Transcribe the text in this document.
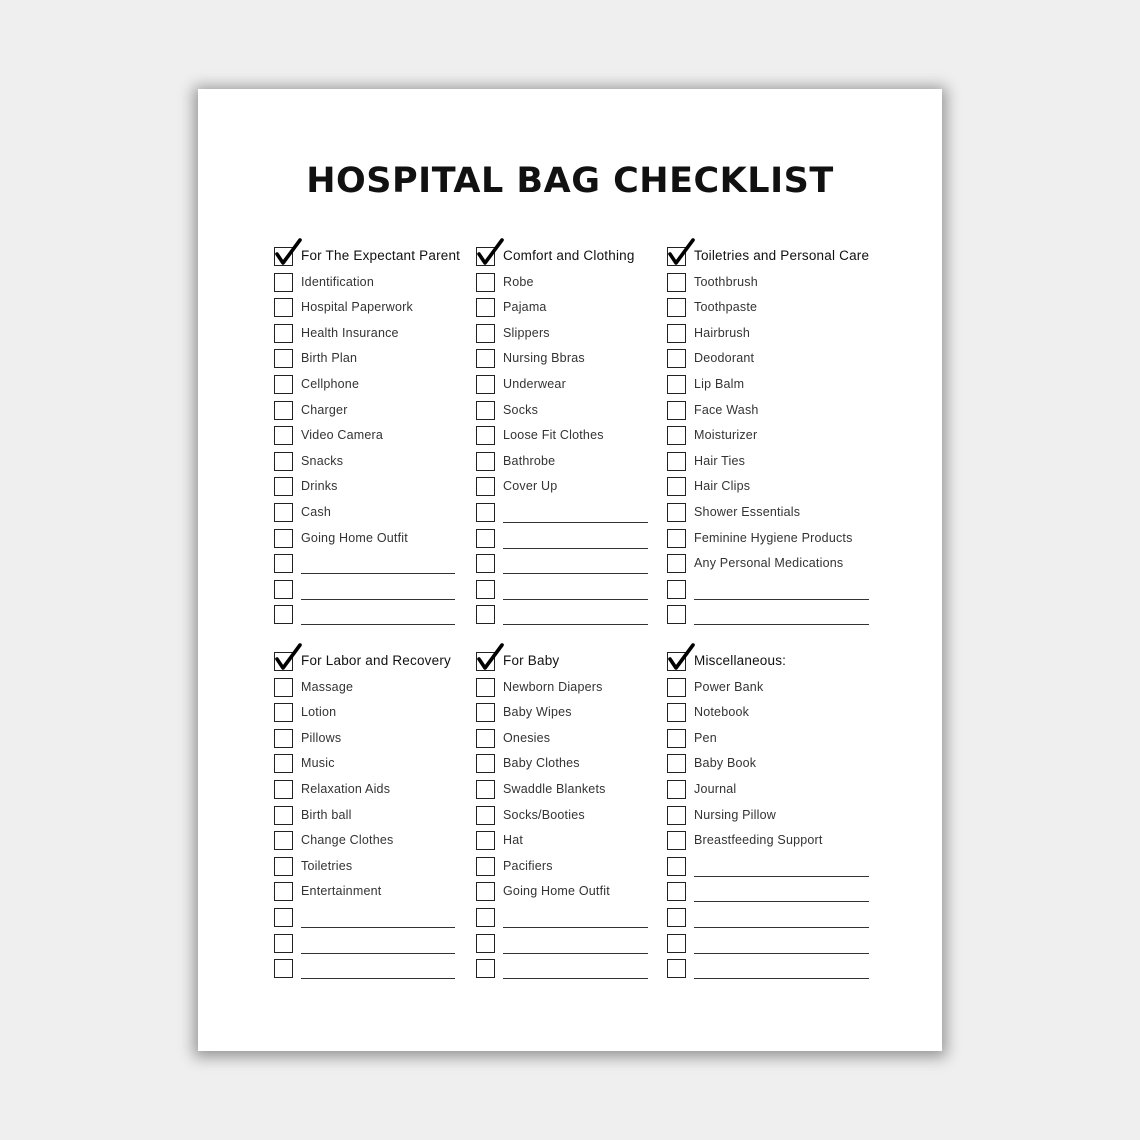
HOSPITAL BAG CHECKLIST
For The Expectant Parent
Identification
Hospital Paperwork
Health Insurance
Birth Plan
Cellphone
Charger
Video Camera
Snacks
Drinks
Cash
Going Home Outfit
Comfort and Clothing
Robe
Pajama
Slippers
Nursing Bbras
Underwear
Socks
Loose Fit Clothes
Bathrobe
Cover Up
Toiletries and Personal Care
Toothbrush
Toothpaste
Hairbrush
Deodorant
Lip Balm
Face Wash
Moisturizer
Hair Ties
Hair Clips
Shower Essentials
Feminine Hygiene Products
Any Personal Medications
For Labor and Recovery
Massage
Lotion
Pillows
Music
Relaxation Aids
Birth ball
Change Clothes
Toiletries
Entertainment
For Baby
Newborn Diapers
Baby Wipes
Onesies
Baby Clothes
Swaddle Blankets
Socks/Booties
Hat
Pacifiers
Going Home Outfit
Miscellaneous:
Power Bank
Notebook
Pen
Baby Book
Journal
Nursing Pillow
Breastfeeding Support
